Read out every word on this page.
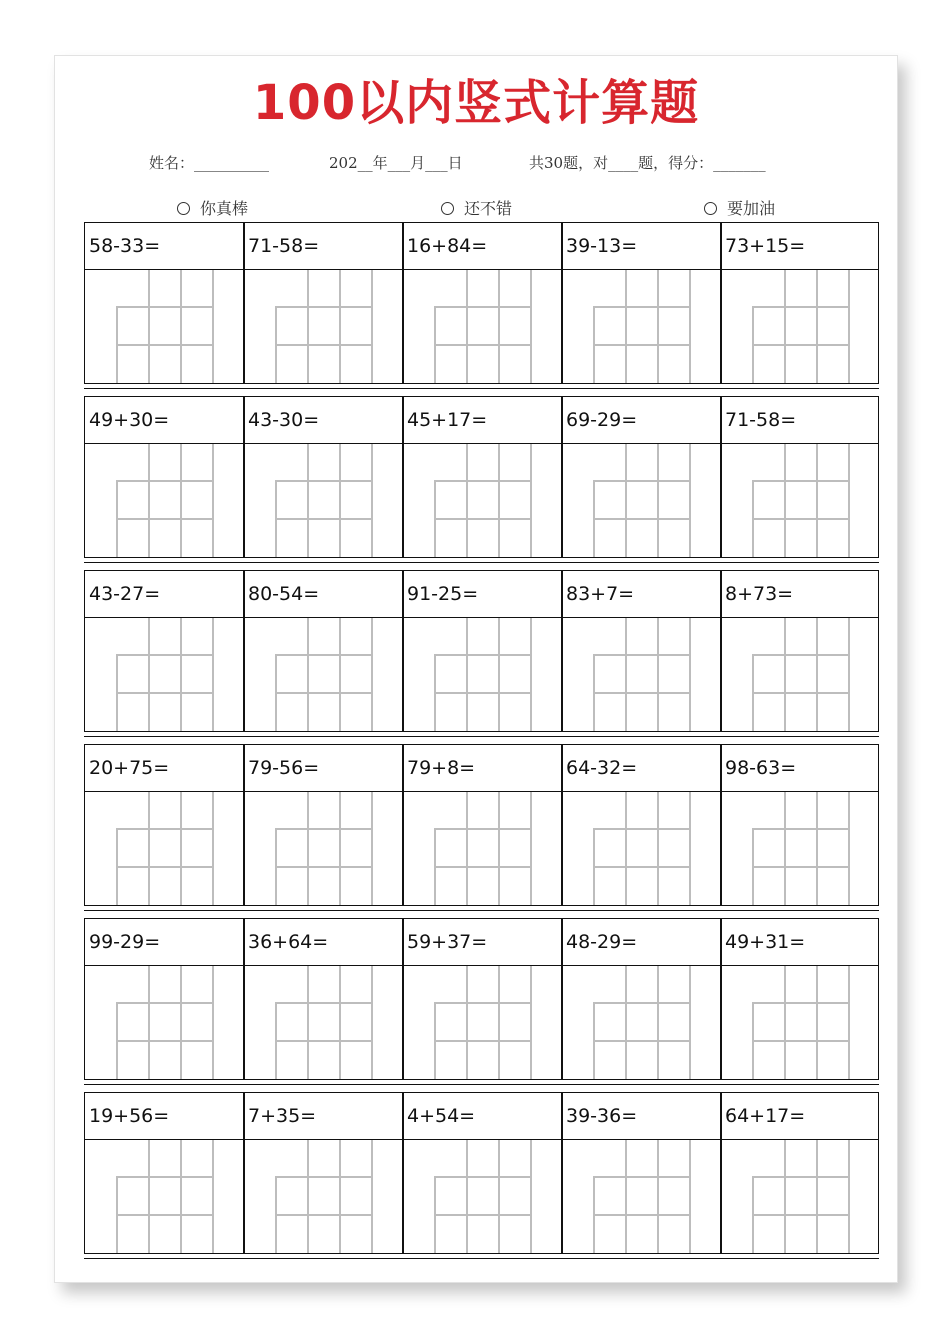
100以内竖式计算题
姓名：__________	202__年___月___日	共30题，对____题，得分：_______
你真棒	还不错	要加油
58-33=	71-58=	16+84=	39-13=	73+15=
49+30=	43-30=	45+17=	69-29=	71-58=
43-27=	80-54=	91-25=	83+7=	8+73=
20+75=	79-56=	79+8=	64-32=	98-63=
99-29=	36+64=	59+37=	48-29=	49+31=
19+56=	7+35=	4+54=	39-36=	64+17=
